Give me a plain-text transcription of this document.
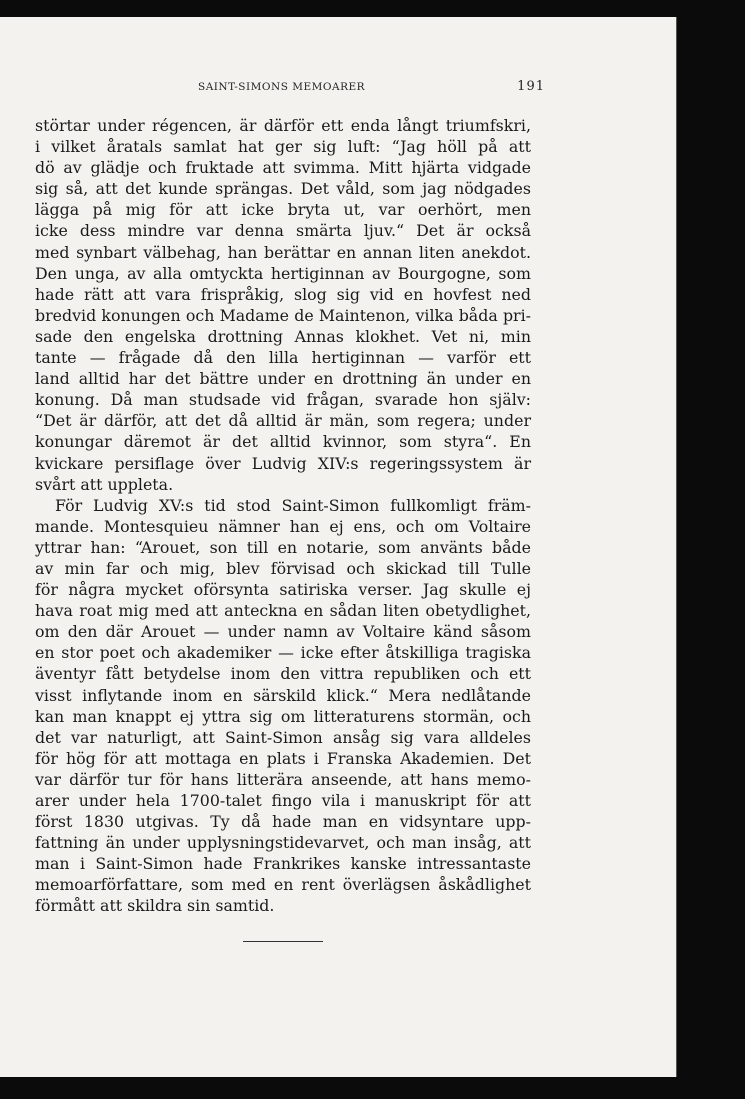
SAINT-SIMONS MEMOARER	191
störtar under régencen, är därför ett enda långt triumfskri,
i vilket åratals samlat hat ger sig luft: “Jag höll på att
dö av glädje och fruktade att svimma. Mitt hjärta vidgade
sig så, att det kunde sprängas. Det våld, som jag nödgades
lägga på mig för att icke bryta ut, var oerhört, men
icke dess mindre var denna smärta ljuv.“ Det är också
med synbart välbehag, han berättar en annan liten anekdot.
Den unga, av alla omtyckta hertiginnan av Bourgogne, som
hade rätt att vara frispråkig, slog sig vid en hovfest ned
bredvid konungen och Madame de Maintenon, vilka båda pri-
sade den engelska drottning Annas klokhet. Vet ni, min
tante — frågade då den lilla hertiginnan — varför ett
land alltid har det bättre under en drottning än under en
konung. Då man studsade vid frågan, svarade hon själv:
“Det är därför, att det då alltid är män, som regera; under
konungar däremot är det alltid kvinnor, som styra“. En
kvickare persiflage över Ludvig XIV:s regeringssystem är
svårt att uppleta.
För Ludvig XV:s tid stod Saint-Simon fullkomligt främ-
mande. Montesquieu nämner han ej ens, och om Voltaire
yttrar han: “Arouet, son till en notarie, som använts både
av min far och mig, blev förvisad och skickad till Tulle
för några mycket oförsynta satiriska verser. Jag skulle ej
hava roat mig med att anteckna en sådan liten obetydlighet,
om den där Arouet — under namn av Voltaire känd såsom
en stor poet och akademiker — icke efter åtskilliga tragiska
äventyr fått betydelse inom den vittra republiken och ett
visst inflytande inom en särskild klick.“ Mera nedlåtande
kan man knappt ej yttra sig om litteraturens stormän, och
det var naturligt, att Saint-Simon ansåg sig vara alldeles
för hög för att mottaga en plats i Franska Akademien. Det
var därför tur för hans litterära anseende, att hans memo-
arer under hela 1700-talet fingo vila i manuskript för att
först 1830 utgivas. Ty då hade man en vidsyntare upp-
fattning än under upplysningstidevarvet, och man insåg, att
man i Saint-Simon hade Frankrikes kanske intressantaste
memoarförfattare, som med en rent överlägsen åskådlighet
förmått att skildra sin samtid.
